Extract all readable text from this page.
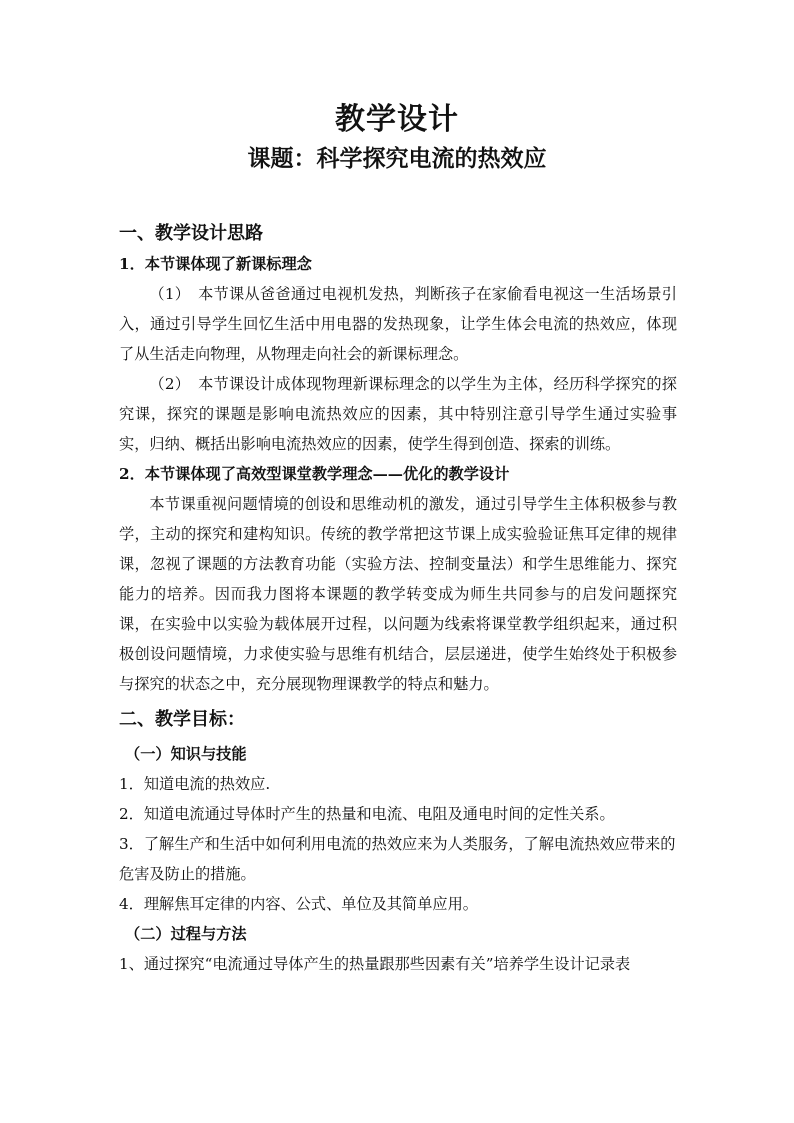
教学设计
课题：科学探究电流的热效应
一、教学设计思路
1．本节课体现了新课标理念

（1）　本节课从爸爸通过电视机发热，判断孩子在家偷看电视这一生活场景引入，通过引导学生回忆生活中用电器的发热现象，让学生体会电流的热效应，体现了从生活走向物理，从物理走向社会的新课标理念。

（2）　本节课设计成体现物理新课标理念的以学生为主体，经历科学探究的探究课，探究的课题是影响电流热效应的因素，其中特别注意引导学生通过实验事实，归纳、概括出影响电流热效应的因素，使学生得到创造、探索的训练。

2．本节课体现了高效型课堂教学理念——优化的教学设计

本节课重视问题情境的创设和思维动机的激发，通过引导学生主体积极参与教学，主动的探究和建构知识。传统的教学常把这节课上成实验验证焦耳定律的规律课，忽视了课题的方法教育功能（实验方法、控制变量法）和学生思维能力、探究能力的培养。因而我力图将本课题的教学转变成为师生共同参与的启发问题探究课，在实验中以实验为载体展开过程，以问题为线索将课堂教学组织起来，通过积极创设问题情境，力求使实验与思维有机结合，层层递进，使学生始终处于积极参与探究的状态之中，充分展现物理课教学的特点和魅力。

二、教学目标：
（一）知识与技能

1．知道电流的热效应.

2．知道电流通过导体时产生的热量和电流、电阻及通电时间的定性关系。

3．了解生产和生活中如何利用电流的热效应来为人类服务，了解电流热效应带来的危害及防止的措施。

4．理解焦耳定律的内容、公式、单位及其简单应用。

（二）过程与方法

1、通过探究“电流通过导体产生的热量跟那些因素有关”培养学生设计记录表
